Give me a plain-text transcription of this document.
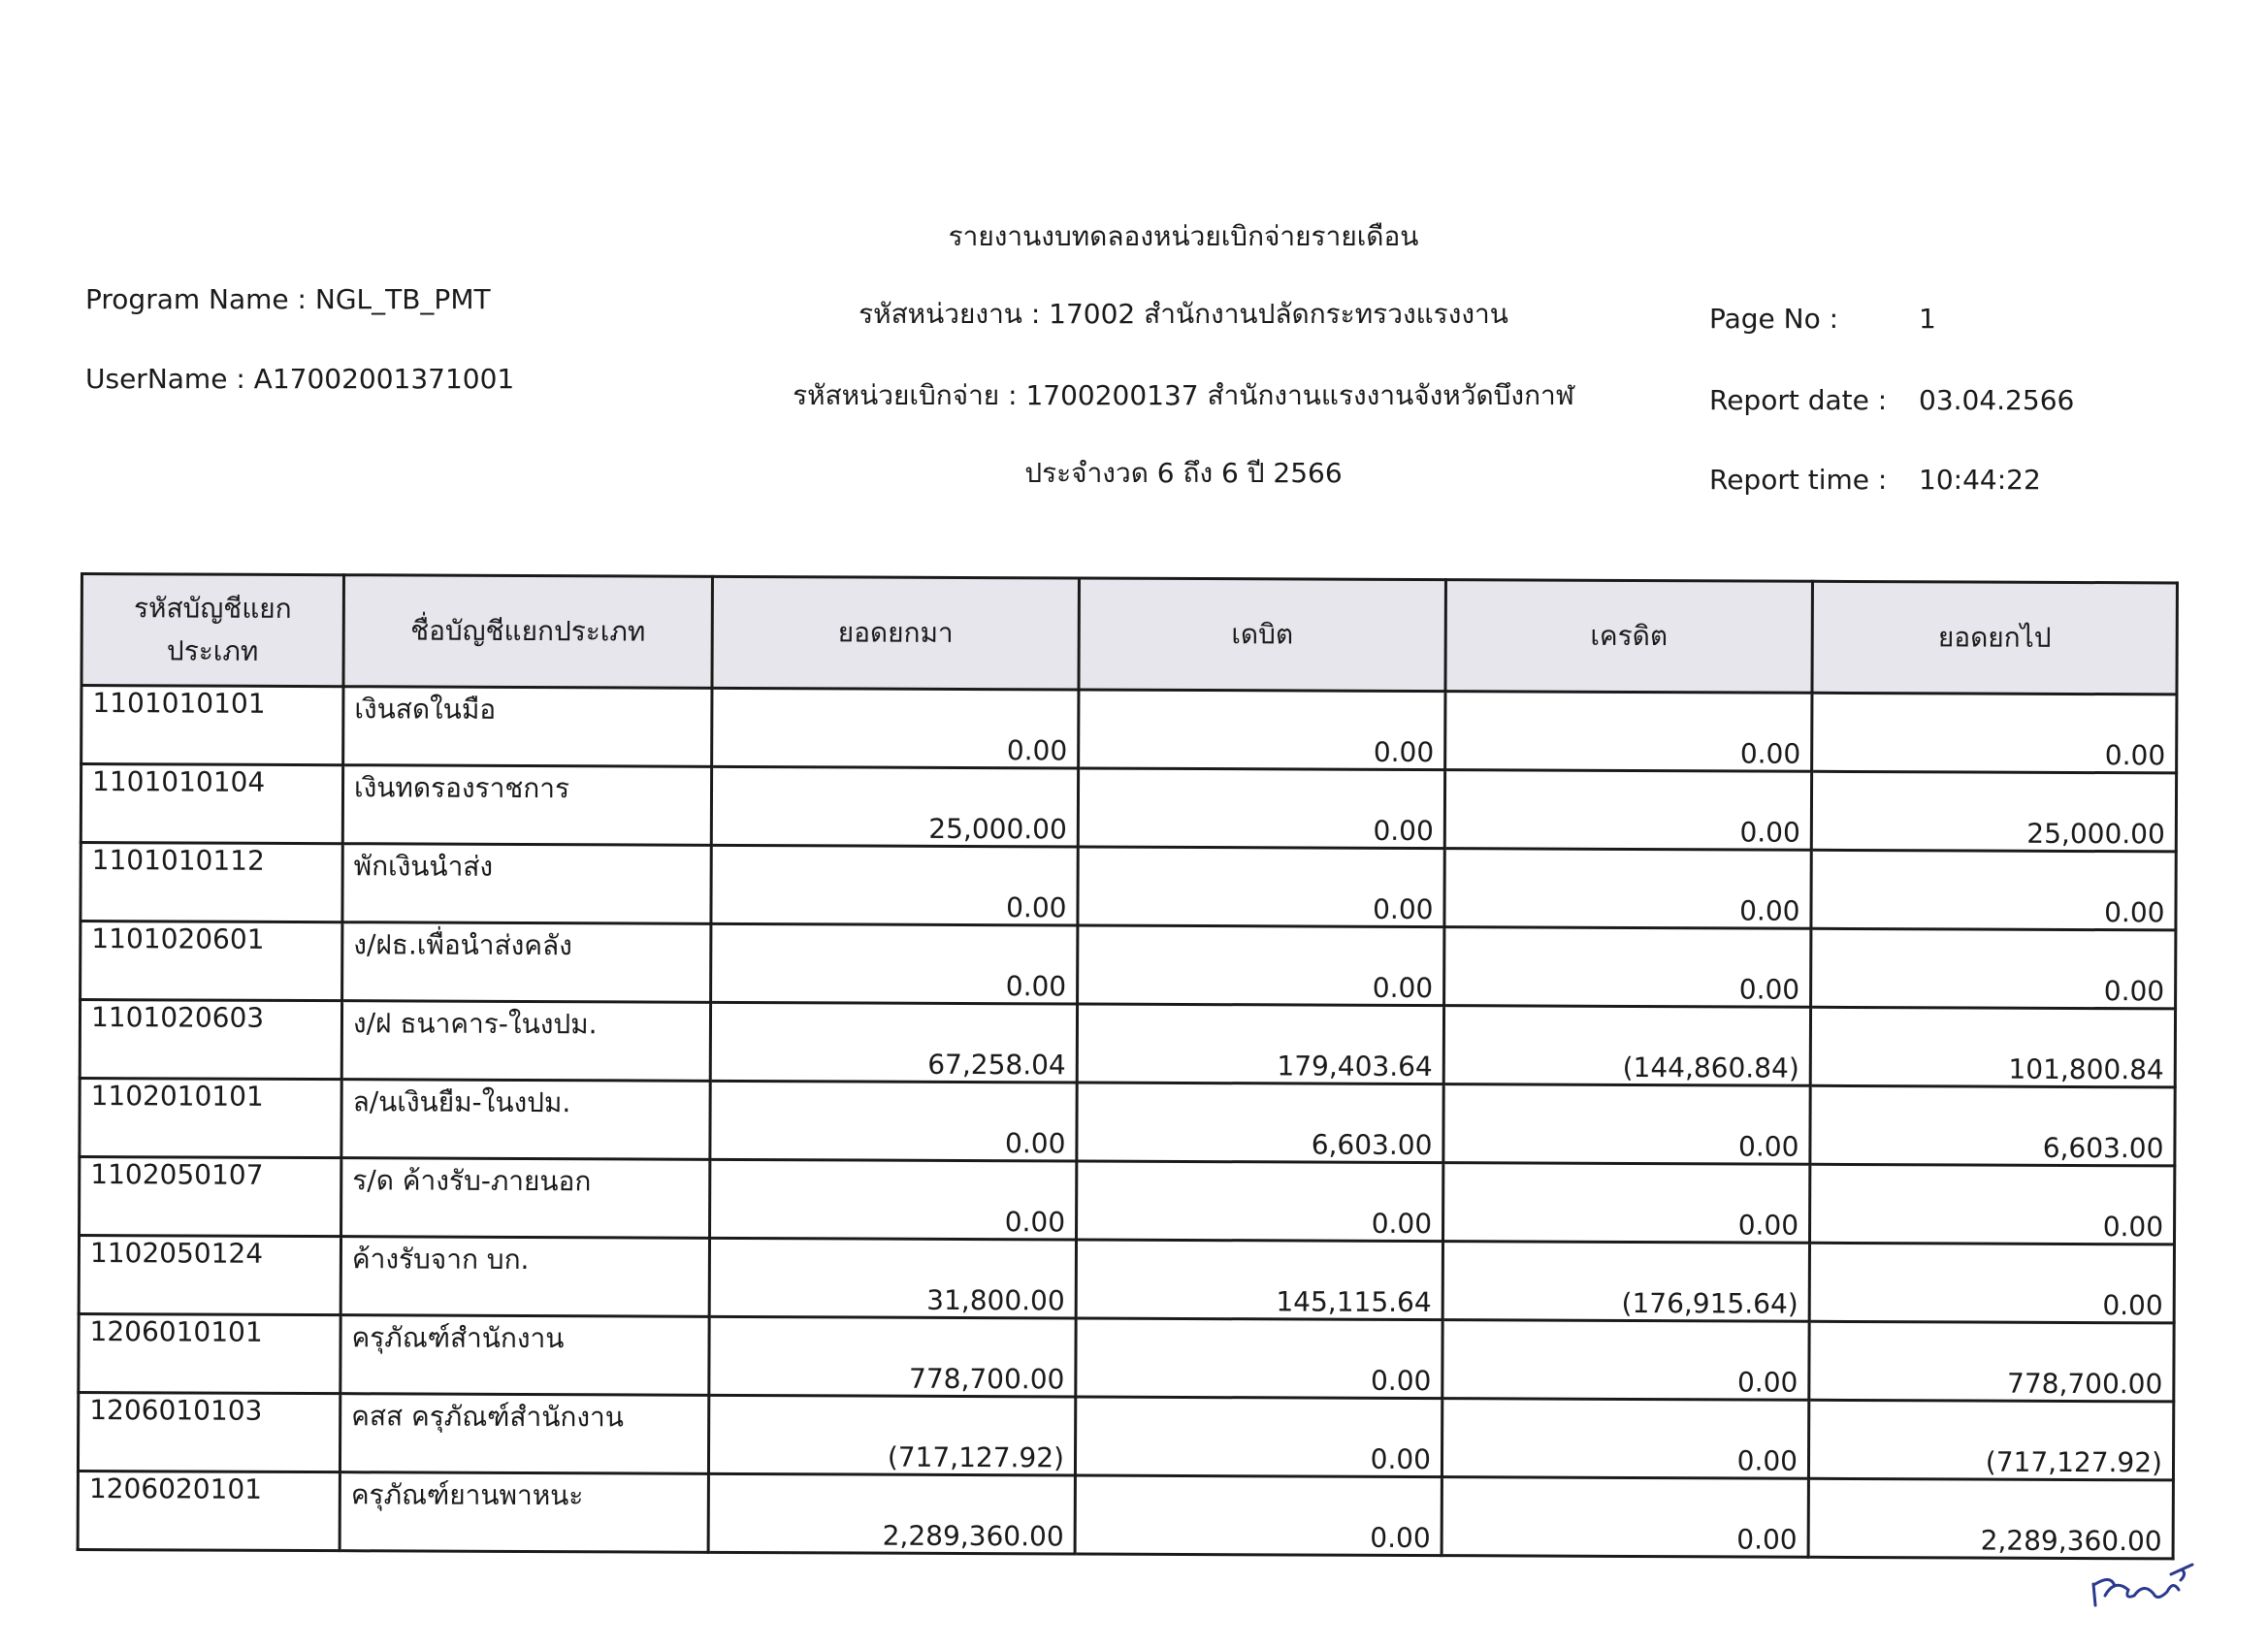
รายงานงบทดลองหน่วยเบิกจ่ายรายเดือน
รหัสหน่วยงาน : 17002 สำนักงานปลัดกระทรวงแรงงาน
รหัสหน่วยเบิกจ่าย : 1700200137 สำนักงานแรงงานจังหวัดบึงกาฬ
ประจำงวด 6 ถึง 6 ปี 2566
Program Name : NGL_TB_PMT
UserName : A17002001371001
Page No :	1
Report date : 03.04.2566
Report time : 10:44:22
รหัสบัญชีแยกประเภท	ชื่อบัญชีแยกประเภท	ยอดยกมา	เดบิต	เครดิต	ยอดยกไป
1101010101	เงินสดในมือ	0.00	0.00	0.00	0.00
1101010104	เงินทดรองราชการ	25,000.00	0.00	0.00	25,000.00
1101010112	พักเงินนำส่ง	0.00	0.00	0.00	0.00
1101020601	ง/ฝธ.เพื่อนำส่งคลัง	0.00	0.00	0.00	0.00
1101020603	ง/ฝ ธนาคาร-ในงปม.	67,258.04	179,403.64	(144,860.84)	101,800.84
1102010101	ล/นเงินยืม-ในงปม.	0.00	6,603.00	0.00	6,603.00
1102050107	ร/ด ค้างรับ-ภายนอก	0.00	0.00	0.00	0.00
1102050124	ค้างรับจาก บก.	31,800.00	145,115.64	(176,915.64)	0.00
1206010101	ครุภัณฑ์สำนักงาน	778,700.00	0.00	0.00	778,700.00
1206010103	คสส ครุภัณฑ์สำนักงาน	(717,127.92)	0.00	0.00	(717,127.92)
1206020101	ครุภัณฑ์ยานพาหนะ	2,289,360.00	0.00	0.00	2,289,360.00
